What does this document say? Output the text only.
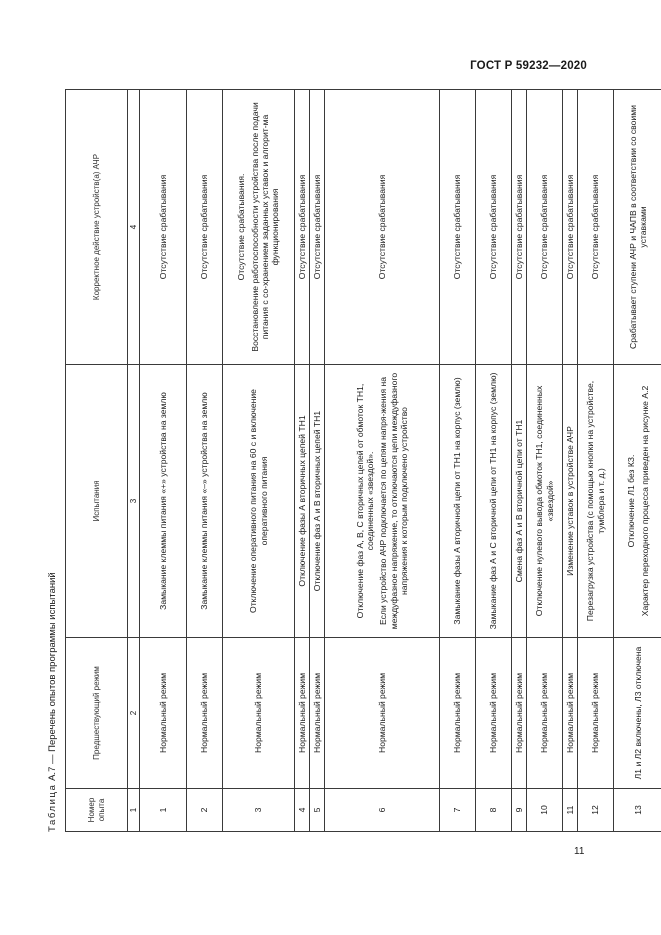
ГОСТ Р 59232—2020
Таблица А.7 — Перечень опытов программы испытаний
Номер опыта	Предшествующий режим	Испытания	Корректное действие устройств(а) АЧР
1	2	3	4
1	Нормальный режим	Замыкание клеммы питания «+» устройства на землю	Отсутствие срабатывания

2	Нормальный режим	Замыкание клеммы питания «–» устройства на землю	Отсутствие срабатывания

3	Нормальный режим	Отключение оперативного питания на 60 с и включение оперативного питания	Отсутствие срабатывания. Восстановление работоспособности устройства после подачи питания с со-хранением заданных уставок и алгорит-ма функционирования

4	Нормальный режим	Отключение фазы А вторичных цепей ТН1	Отсутствие срабатывания

5	Нормальный режим	Отключение фаз А и В вторичных цепей ТН1	Отсутствие срабатывания

6	Нормальный режим	Отключение фаз А, В, С вторичных цепей от обмоток ТН1, соединенных «звездой». Если устройство АЧР подключается по цепям напря-жения на междуфазное напряжение, то отключаются цепи междуфазного напряжения к которым подключено устройство	Отсутствие срабатывания

7	Нормальный режим	Замыкание фазы А вторичной цепи от ТН1 на корпус (землю)	Отсутствие срабатывания

8	Нормальный режим	Замыкание фаз А и С вторичной цепи от ТН1 на корпус (землю)	Отсутствие срабатывания

9	Нормальный режим	Смена фаз А и В вторичной цепи от ТН1	Отсутствие срабатывания

10	Нормальный режим	Отключение нулевого вывода обмоток ТН1, соединенных «звездой»	Отсутствие срабатывания

11	Нормальный режим	Изменение уставок в устройстве АЧР	Отсутствие срабатывания

12	Нормальный режим	Перезагрузка устройства (с помощью кнопки на устройстве, тумблера и т. д.)	Отсутствие срабатывания

13	Л1 и Л2 включены, Л3 отключена	Отключение Л1 без КЗ. Характер переходного процесса приведен на рисунке А.2	Срабатывает ступени АЧР и ЧАПВ в соответствии со своими уставками
11
